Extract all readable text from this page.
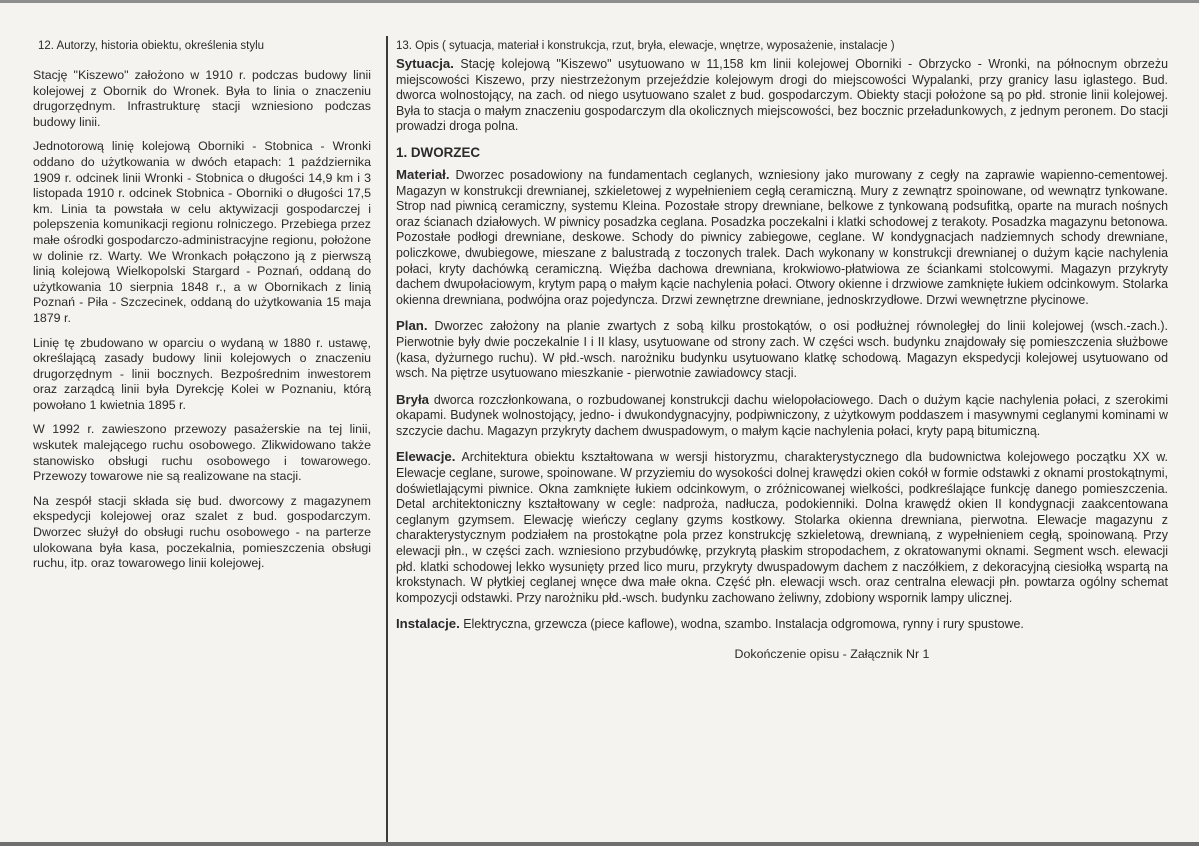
12. Autorzy, historia obiektu, określenia stylu

Stację "Kiszewo" założono w 1910 r. podczas budowy linii kolejowej z Obornik do Wronek. Była to linia o znaczeniu drugorzędnym. Infrastrukturę stacji wzniesiono podczas budowy linii.

Jednotorową linię kolejową Oborniki - Stobnica - Wronki oddano do użytkowania w dwóch etapach: 1 października 1909 r. odcinek linii Wronki - Stobnica o długości 14,9 km i 3 listopada 1910 r. odcinek Stobnica - Oborniki o długości 17,5 km. Linia ta powstała w celu aktywizacji gospodarczej i polepszenia komunikacji regionu rolniczego. Przebiega przez małe ośrodki gospodarczo-administracyjne regionu, położone w dolinie rz. Warty. We Wronkach połączono ją z pierwszą linią kolejową Wielkopolski Stargard - Poznań, oddaną do użytkowania 10 sierpnia 1848 r., a w Obornikach z linią Poznań - Piła - Szczecinek, oddaną do użytkowania 15 maja 1879 r.

Linię tę zbudowano w oparciu o wydaną w 1880 r. ustawę, określającą zasady budowy linii kolejowych o znaczeniu drugorzędnym - linii bocznych. Bezpośrednim inwestorem oraz zarządcą linii była Dyrekcję Kolei w Poznaniu, którą powołano 1 kwietnia 1895 r.

W 1992 r. zawieszono przewozy pasażerskie na tej linii, wskutek malejącego ruchu osobowego. Zlikwidowano także stanowisko obsługi ruchu osobowego i towarowego. Przewozy towarowe nie są realizowane na stacji.

Na zespół stacji składa się bud. dworcowy z magazynem ekspedycji kolejowej oraz szalet z bud. gospodarczym. Dworzec służył do obsługi ruchu osobowego - na parterze ulokowana była kasa, poczekalnia, pomieszczenia obsługi ruchu, itp. oraz towarowego linii kolejowej.

13. Opis ( sytuacja, materiał i konstrukcja, rzut, bryła, elewacje, wnętrze, wyposażenie, instalacje )

Sytuacja. Stację kolejową "Kiszewo" usytuowano w 11,158 km linii kolejowej Oborniki - Obrzycko - Wronki, na północnym obrzeżu miejscowości Kiszewo, przy niestrzeżonym przejeździe kolejowym drogi do miejscowości Wypalanki, przy granicy lasu iglastego. Bud. dworca wolnostojący, na zach. od niego usytuowano szalet z bud. gospodarczym. Obiekty stacji położone są po płd. stronie linii kolejowej. Była to stacja o małym znaczeniu gospodarczym dla okolicznych miejscowości, bez bocznic przeładunkowych, z jednym peronem. Do stacji prowadzi droga polna.

1. DWORZEC

Materiał. Dworzec posadowiony na fundamentach ceglanych, wzniesiony jako murowany z cegły na zaprawie wapienno-cementowej. Magazyn w konstrukcji drewnianej, szkieletowej z wypełnieniem cegłą ceramiczną. Mury z zewnątrz spoinowane, od wewnątrz tynkowane. Strop nad piwnicą ceramiczny, systemu Kleina. Pozostałe stropy drewniane, belkowe z tynkowaną podsufitką, oparte na murach nośnych oraz ścianach działowych. W piwnicy posadzka ceglana. Posadzka poczekalni i klatki schodowej z terakoty. Posadzka magazynu betonowa. Pozostałe podłogi drewniane, deskowe. Schody do piwnicy zabiegowe, ceglane. W kondygnacjach nadziemnych schody drewniane, policzkowe, dwubiegowe, mieszane z balustradą z toczonych tralek. Dach wykonany w konstrukcji drewnianej o dużym kącie nachylenia połaci, kryty dachówką ceramiczną. Więźba dachowa drewniana, krokwiowo-płatwiowa ze ściankami stolcowymi. Magazyn przykryty dachem dwupołaciowym, krytym papą o małym kącie nachylenia połaci. Otwory okienne i drzwiowe zamknięte łukiem odcinkowym. Stolarka okienna drewniana, podwójna oraz pojedyncza. Drzwi zewnętrzne drewniane, jednoskrzydłowe. Drzwi wewnętrzne płycinowe.

Plan. Dworzec założony na planie zwartych z sobą kilku prostokątów, o osi podłużnej równoległej do linii kolejowej (wsch.-zach.). Pierwotnie były dwie poczekalnie I i II klasy, usytuowane od strony zach. W części wsch. budynku znajdowały się pomieszczenia służbowe (kasa, dyżurnego ruchu). W płd.-wsch. narożniku budynku usytuowano klatkę schodową. Magazyn ekspedycji kolejowej usytuowano od wsch. Na piętrze usytuowano mieszkanie - pierwotnie zawiadowcy stacji.

Bryła dworca rozczłonkowana, o rozbudowanej konstrukcji dachu wielopołaciowego. Dach o dużym kącie nachylenia połaci, z szerokimi okapami. Budynek wolnostojący, jedno- i dwukondygnacyjny, podpiwniczony, z użytkowym poddaszem i masywnymi ceglanymi kominami w szczycie dachu. Magazyn przykryty dachem dwuspadowym, o małym kącie nachylenia połaci, kryty papą bitumiczną.

Elewacje. Architektura obiektu kształtowana w wersji historyzmu, charakterystycznego dla budownictwa kolejowego początku XX w. Elewacje ceglane, surowe, spoinowane. W przyziemiu do wysokości dolnej krawędzi okien cokół w formie odstawki z oknami prostokątnymi, doświetlającymi piwnice. Okna zamknięte łukiem odcinkowym, o zróżnicowanej wielkości, podkreślające funkcję danego pomieszczenia. Detal architektoniczny kształtowany w cegle: nadproża, nadłucza, podokienniki. Dolna krawędź okien II kondygnacji zaakcentowana ceglanym gzymsem. Elewację wieńczy ceglany gzyms kostkowy. Stolarka okienna drewniana, pierwotna. Elewacje magazynu z charakterystycznym podziałem na prostokątne pola przez konstrukcję szkieletową, drewnianą, z wypełnieniem cegłą, spoinowaną. Przy elewacji płn., w części zach. wzniesiono przybudówkę, przykrytą płaskim stropodachem, z okratowanymi oknami. Segment wsch. elewacji płd. klatki schodowej lekko wysunięty przed lico muru, przykryty dwuspadowym dachem z naczółkiem, z dekoracyjną ciesiołką wspartą na krokstynach. W płytkiej ceglanej wnęce dwa małe okna. Część płn. elewacji wsch. oraz centralna elewacji płn. powtarza ogólny schemat kompozycji odstawki. Przy narożniku płd.-wsch. budynku zachowano żeliwny, zdobiony wspornik lampy ulicznej.

Instalacje. Elektryczna, grzewcza (piece kaflowe), wodna, szambo. Instalacja odgromowa, rynny i rury spustowe.

Dokończenie opisu - Załącznik Nr 1
